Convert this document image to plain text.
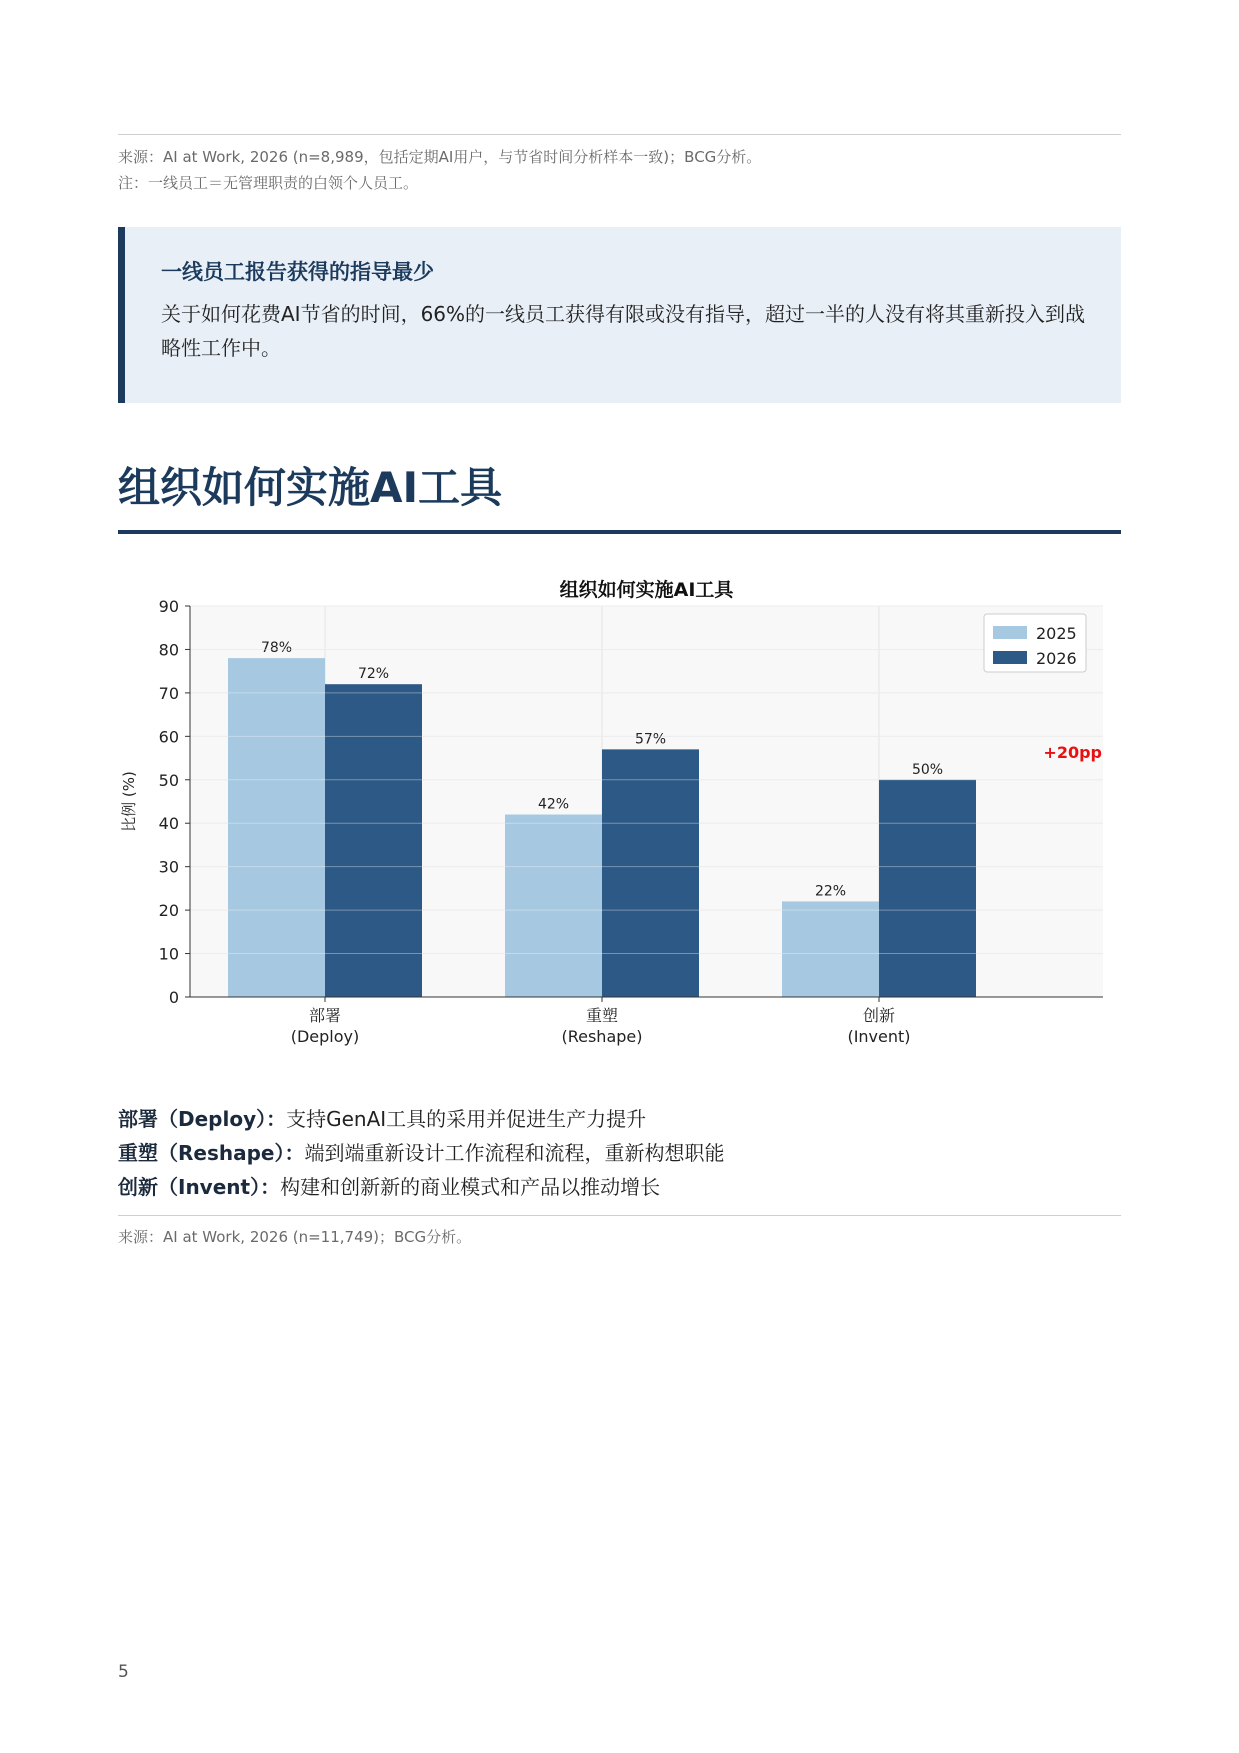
来源：AI at Work, 2026 (n=8,989，包括定期AI用户，与节省时间分析样本一致)；BCG分析。
注：一线员工＝无管理职责的白领个人员工。
一线员工报告获得的指导最少
关于如何花费AI节省的时间，66%的一线员工获得有限或没有指导，超过一半的人没有将其重新投入到战略性工作中。
组织如何实施AI工具
0
10
20
30
40
50
60
70
80
90
78%
42%
22%
72%
57%
50%
部署
(Deploy)
重塑
(Reshape)
创新
(Invent)
组织如何实施AI工具
比例 (%)
+20pp
2025
2026
部署（Deploy）：支持GenAI工具的采用并促进生产力提升
重塑（Reshape）：端到端重新设计工作流程和流程，重新构想职能
创新（Invent）：构建和创新新的商业模式和产品以推动增长
来源：AI at Work, 2026 (n=11,749)；BCG分析。
5
